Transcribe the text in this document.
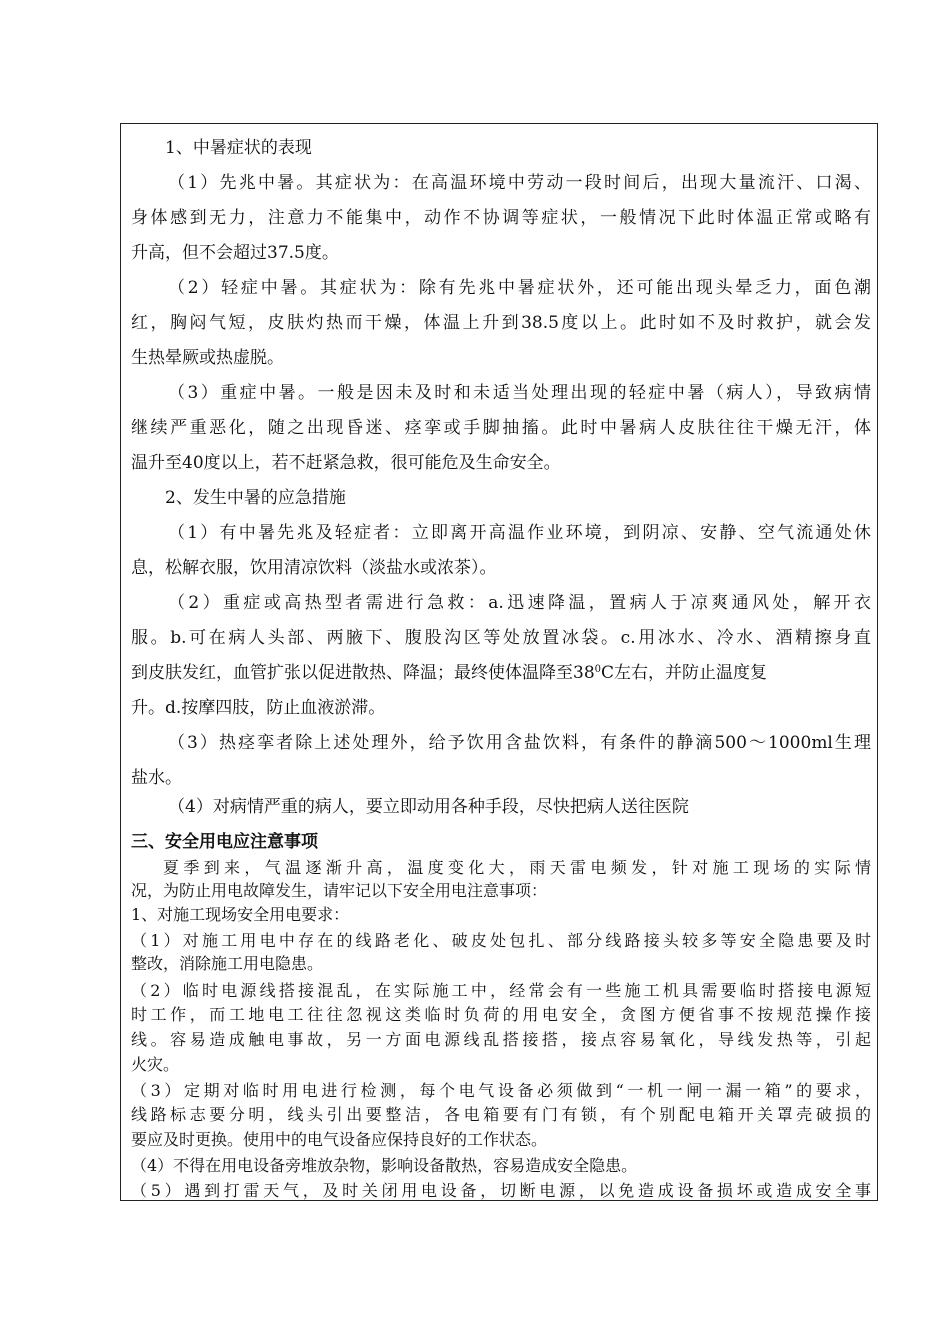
1、中暑症状的表现
（1）先兆中暑。其症状为：在高温环境中劳动一段时间后，出现大量流汗、口渴、
身体感到无力，注意力不能集中，动作不协调等症状，一般情况下此时体温正常或略有
升高，但不会超过37.5度。
（2）轻症中暑。其症状为：除有先兆中暑症状外，还可能出现头晕乏力，面色潮
红，胸闷气短，皮肤灼热而干燥，体温上升到38.5度以上。此时如不及时救护，就会发
生热晕厥或热虚脱。
（3）重症中暑。一般是因未及时和未适当处理出现的轻症中暑（病人），导致病情
继续严重恶化，随之出现昏迷、痉挛或手脚抽搐。此时中暑病人皮肤往往干燥无汗，体
温升至40度以上，若不赶紧急救，很可能危及生命安全。
2、发生中暑的应急措施
（1）有中暑先兆及轻症者：立即离开高温作业环境，到阴凉、安静、空气流通处休
息，松解衣服，饮用清凉饮料（淡盐水或浓茶）。
（2）重症或高热型者需进行急救：a.迅速降温，置病人于凉爽通风处，解开衣
服。b.可在病人头部、两腋下、腹股沟区等处放置冰袋。c.用冰水、冷水、酒精擦身直
到皮肤发红，血管扩张以促进散热、降温；最终使体温降至$38^0C$左右，并防止温度复
升。d.按摩四肢，防止血液淤滞。
（3）热痉挛者除上述处理外，给予饮用含盐饮料，有条件的静滴500～1000ml生理
盐水。
（4）对病情严重的病人，要立即动用各种手段，尽快把病人送往医院
三、安全用电应注意事项
夏季到来，气温逐渐升高，温度变化大，雨天雷电频发，针对施工现场的实际情
况，为防止用电故障发生，请牢记以下安全用电注意事项：
1、对施工现场安全用电要求：
（1）对施工用电中存在的线路老化、破皮处包扎、部分线路接头较多等安全隐患要及时
整改，消除施工用电隐患。
（2）临时电源线搭接混乱，在实际施工中，经常会有一些施工机具需要临时搭接电源短
时工作，而工地电工往往忽视这类临时负荷的用电安全，贪图方便省事不按规范操作接
线。容易造成触电事故，另一方面电源线乱搭接搭，接点容易氧化，导线发热等，引起
火灾。
（3）定期对临时用电进行检测，每个电气设备必须做到“一机一闸一漏一箱”的要求，
线路标志要分明，线头引出要整洁，各电箱要有门有锁，有个别配电箱开关罩壳破损的
要应及时更换。使用中的电气设备应保持良好的工作状态。
（4）不得在用电设备旁堆放杂物，影响设备散热，容易造成安全隐患。
（5）遇到打雷天气，及时关闭用电设备，切断电源，以免造成设备损坏或造成安全事
